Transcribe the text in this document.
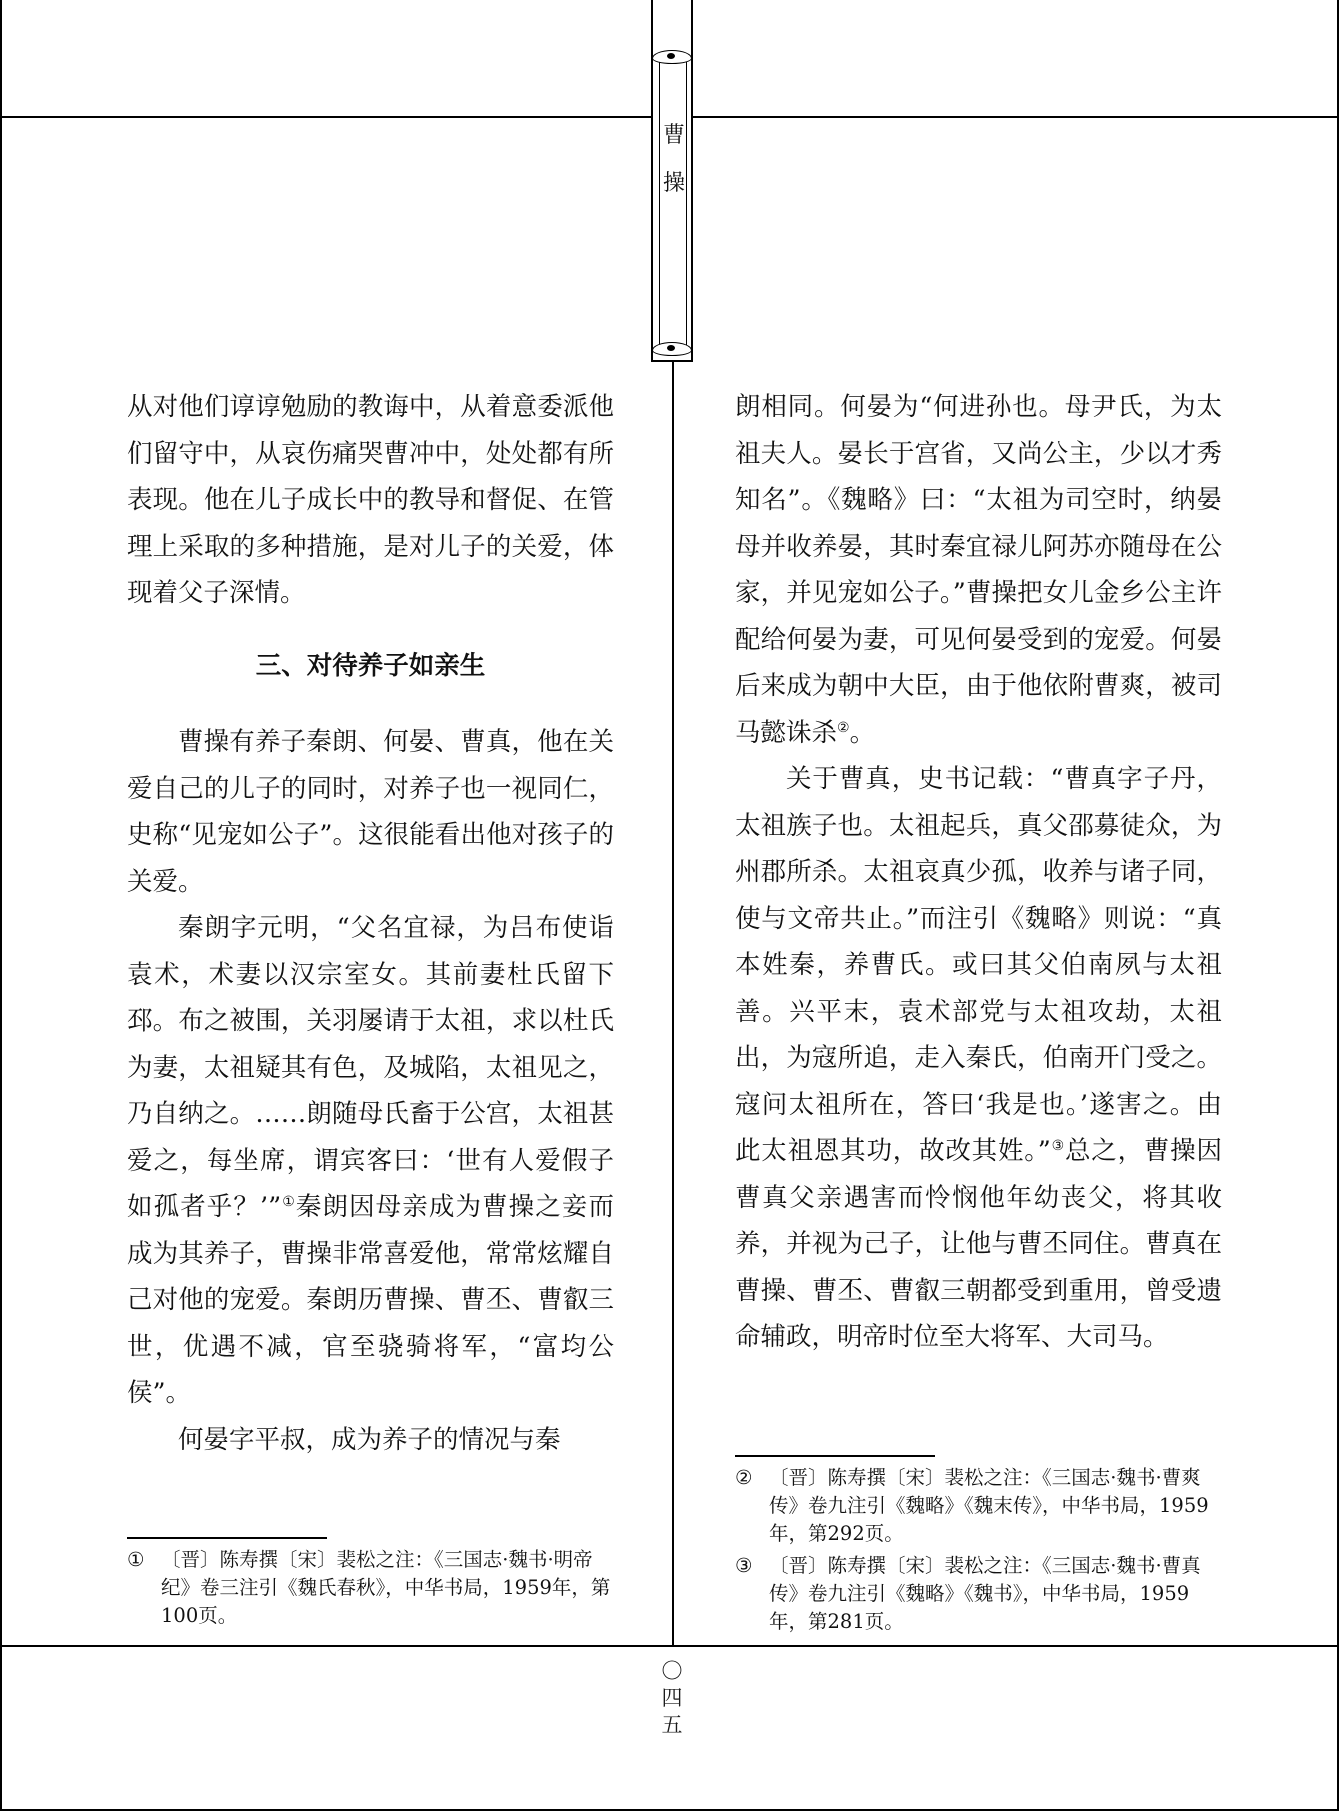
曹
操

从对他们谆谆勉励的教诲中，从着意委派他们留守中，从哀伤痛哭曹冲中，处处都有所表现。他在儿子成长中的教导和督促、在管理上采取的多种措施，是对儿子的关爱，体现着父子深情。

三、对待养子如亲生

曹操有养子秦朗、何晏、曹真，他在关爱自己的儿子的同时，对养子也一视同仁，史称“见宠如公子”。这很能看出他对孩子的关爱。

秦朗字元明，“父名宜禄，为吕布使诣袁术，术妻以汉宗室女。其前妻杜氏留下邳。布之被围，关羽屡请于太祖，求以杜氏为妻，太祖疑其有色，及城陷，太祖见之，乃自纳之。……朗随母氏畜于公宫，太祖甚爱之，每坐席，谓宾客曰：‘世有人爱假子如孤者乎？’”①秦朗因母亲成为曹操之妾而成为其养子，曹操非常喜爱他，常常炫耀自己对他的宠爱。秦朗历曹操、曹丕、曹叡三世，优遇不减，官至骁骑将军，“富均公侯”。

何晏字平叔，成为养子的情况与秦

朗相同。何晏为“何进孙也。母尹氏，为太祖夫人。晏长于宫省，又尚公主，少以才秀知名”。《魏略》曰：“太祖为司空时，纳晏母并收养晏，其时秦宜禄儿阿苏亦随母在公家，并见宠如公子。”曹操把女儿金乡公主许配给何晏为妻，可见何晏受到的宠爱。何晏后来成为朝中大臣，由于他依附曹爽，被司马懿诛杀②。

关于曹真，史书记载：“曹真字子丹，太祖族子也。太祖起兵，真父邵募徒众，为州郡所杀。太祖哀真少孤，收养与诸子同，使与文帝共止。”而注引《魏略》则说：“真本姓秦，养曹氏。或曰其父伯南夙与太祖善。兴平末，袁术部党与太祖攻劫，太祖出，为寇所追，走入秦氏，伯南开门受之。寇问太祖所在，答曰‘我是也。’遂害之。由此太祖恩其功，故改其姓。”③总之，曹操因曹真父亲遇害而怜悯他年幼丧父，将其收养，并视为己子，让他与曹丕同住。曹真在曹操、曹丕、曹叡三朝都受到重用，曾受遗命辅政，明帝时位至大将军、大司马。

① 〔晋〕陈寿撰〔宋〕裴松之注：《三国志·魏书·明帝纪》卷三注引《魏氏春秋》，中华书局，1959年，第100页。
② 〔晋〕陈寿撰〔宋〕裴松之注：《三国志·魏书·曹爽传》卷九注引《魏略》《魏末传》，中华书局，1959年，第292页。
③ 〔晋〕陈寿撰〔宋〕裴松之注：《三国志·魏书·曹真传》卷九注引《魏略》《魏书》，中华书局，1959年，第281页。
〇
四
五
